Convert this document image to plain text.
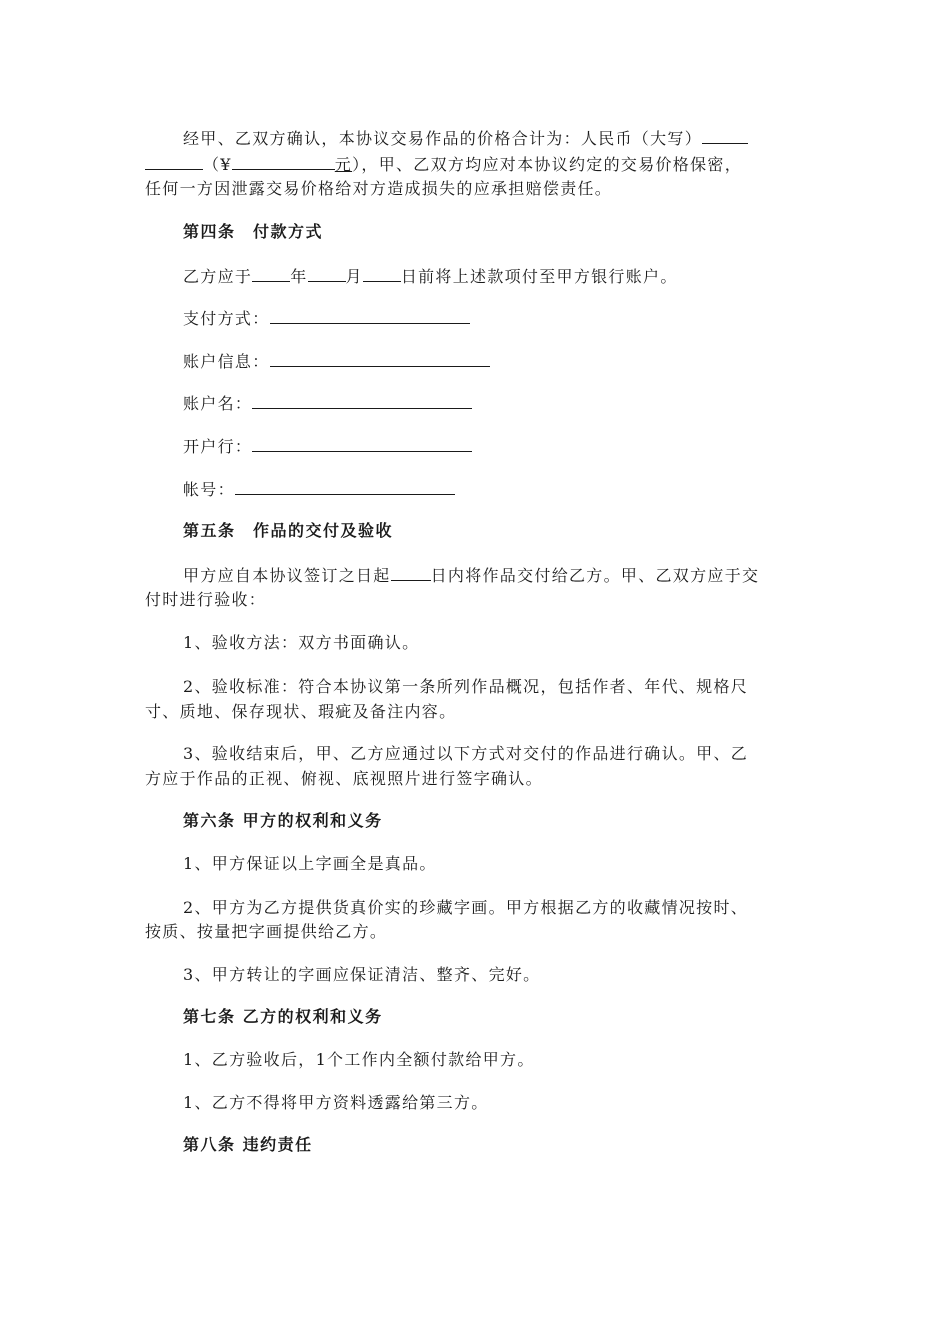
经甲、乙双方确认，本协议交易作品的价格合计为：人民币（大写）
（¥	元），甲、乙双方均应对本协议约定的交易价格保密，
任何一方因泄露交易价格给对方造成损失的应承担赔偿责任。
第四条　付款方式
乙方应于 年 月 日前将上述款项付至甲方银行账户。
支付方式：
账户信息：
账户名：
开户行：
帐号：
第五条　作品的交付及验收
甲方应自本协议签订之日起	日内将作品交付给乙方。甲、乙双方应于交
付时进行验收：
1、验收方法：双方书面确认。
2、验收标准：符合本协议第一条所列作品概况，包括作者、年代、规格尺
寸、质地、保存现状、瑕疵及备注内容。
3、验收结束后，甲、乙方应通过以下方式对交付的作品进行确认。甲、乙
方应于作品的正视、俯视、底视照片进行签字确认。
第六条 甲方的权利和义务
1、甲方保证以上字画全是真品。
2、甲方为乙方提供货真价实的珍藏字画。甲方根据乙方的收藏情况按时、
按质、按量把字画提供给乙方。
3、甲方转让的字画应保证清洁、整齐、完好。
第七条 乙方的权利和义务
1、乙方验收后，1个工作内全额付款给甲方。
1、乙方不得将甲方资料透露给第三方。
第八条 违约责任
